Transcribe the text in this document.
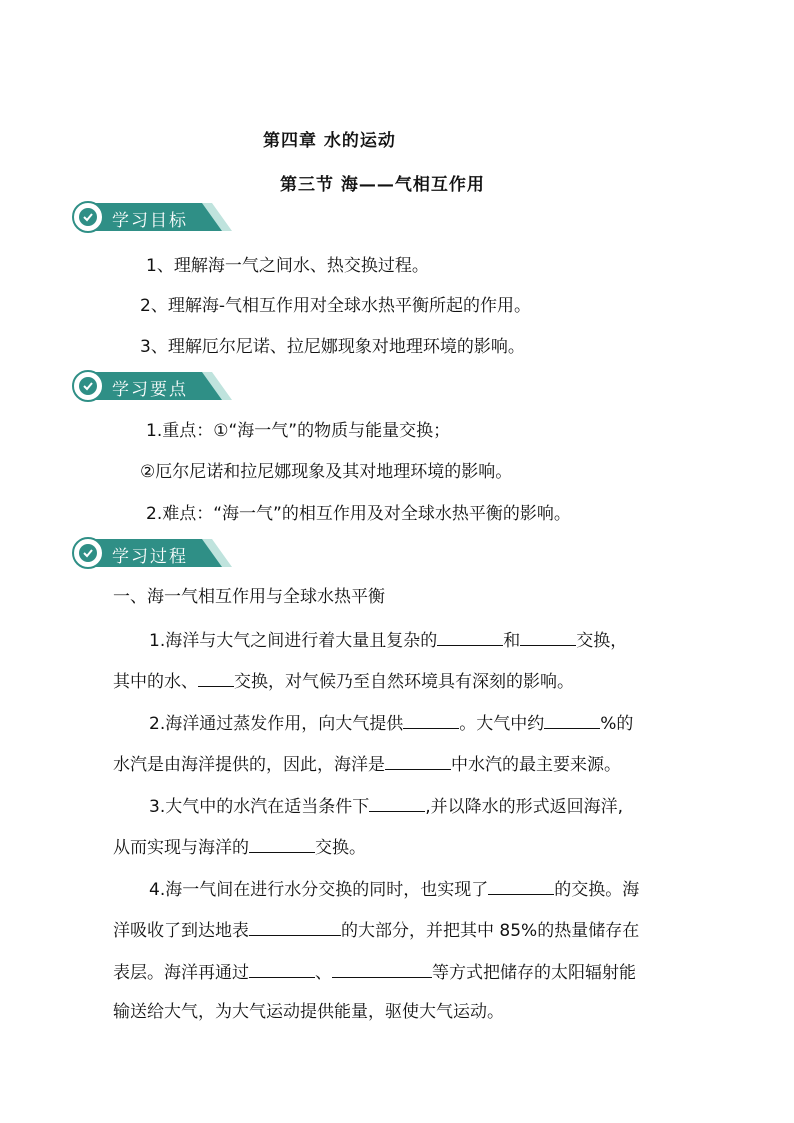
第四章 水的运动
第三节 海——气相互作用
学习目标
1、理解海一气之间水、热交换过程。
2、理解海-气相互作用对全球水热平衡所起的作用。
3、理解厄尔尼诺、拉尼娜现象对地理环境的影响。
学习要点
1.重点：①“海一气”的物质与能量交换；
②厄尔尼诺和拉尼娜现象及其对地理环境的影响。
2.难点：“海一气”的相互作用及对全球水热平衡的影响。
学习过程
一、海一气相互作用与全球水热平衡
1.海洋与大气之间进行着大量且复杂的	和	交换，
其中的水、 交换，对气候乃至自然环境具有深刻的影响。
2.海洋通过蒸发作用，向大气提供	。大气中约	%的
水汽是由海洋提供的，因此，海洋是	中水汽的最主要来源。
3.大气中的水汽在适当条件下	,并以降水的形式返回海洋,
从而实现与海洋的	交换。
4.海一气间在进行水分交换的同时，也实现了	的交换。海
洋吸收了到达地表	的大部分，并把其中 85%的热量储存在
表层。海洋再通过	、	等方式把储存的太阳辐射能
输送给大气，为大气运动提供能量，驱使大气运动。
